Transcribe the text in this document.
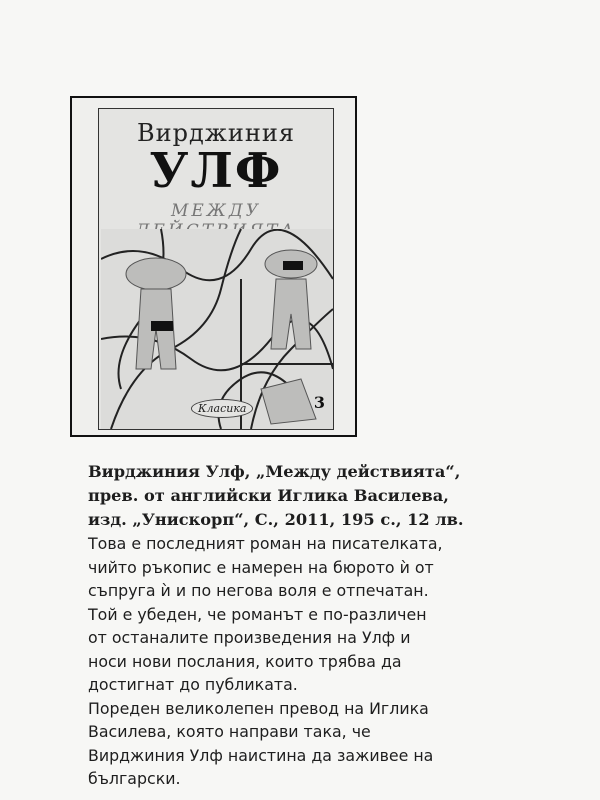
Вирджиния
УЛФ
МЕЖДУ
Класика	3
Вирджиния Улф, „Между действията“,
прев. от английски Иглика Василева,
изд. „Унискорп“, С., 2011, 195 с., 12 лв.
Това е последният роман на писателката,
чийто ръкопис е намерен на бюрото ѝ от
съпруга ѝ и по негова воля е отпечатан.
Той е убеден, че романът е по-различен
от останалите произведения на Улф и
носи нови послания, които трябва да
достигнат до публиката.
Пореден великолепен превод на Иглика
Василева, която направи така, че
Вирджиния Улф наистина да заживее на
български.
